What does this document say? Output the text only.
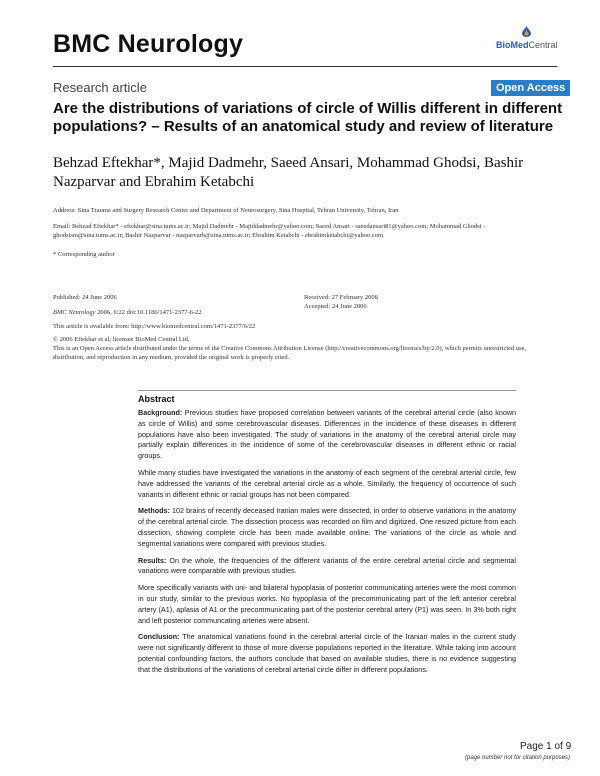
BMC Neurology	BioMedCentral
Research article	Open Access
Are the distributions of variations of circle of Willis different in different populations? – Results of an anatomical study and review of literature
Behzad Eftekhar*, Majid Dadmehr, Saeed Ansari, Mohammad Ghodsi, Bashir Nazparvar and Ebrahim Ketabchi
Address: Sina Trauma and Surgery Research Center and Department of Neurosurgery, Sina Hospital, Tehran University, Tehran, Iran
Email: Behzad Eftekhar* - eftekhar@sina.tums.ac.ir; Majid Dadmehr - Majiddadmehr@yahoo.com; Saeed Ansari - saeedansari81@yahoo.com; Mohammad Ghodsi - ghodsism@sina.tums.ac.ir; Bashir Nazparvar - nazparvarb@sina.tums.ac.ir; Ebrahim Ketabchi - ebrahimketabchi@yahoo.com
* Corresponding author
Published: 24 June 2006
BMC Neurology 2006, 6:22 doi:10.1186/1471-2377-6-22
This article is available from: http://www.biomedcentral.com/1471-2377/6/22
Received: 27 February 2006
Accepted: 24 June 2006
© 2006 Eftekhar et al; licensee BioMed Central Ltd.
This is an Open Access article distributed under the terms of the Creative Commons Attribution License (http://creativecommons.org/licenses/by/2.0), which permits unrestricted use, distribution, and reproduction in any medium, provided the original work is properly cited.
Abstract

Background: Previous studies have proposed correlation between variants of the cerebral arterial circle (also known as circle of Willis) and some cerebrovascular diseases. Differences in the incidence of these diseases in different populations have also been investigated. The study of variations in the anatomy of the cerebral arterial circle may partially explain differences in the incidence of some of the cerebrovascular diseases in different ethnic or racial groups.

While many studies have investigated the variations in the anatomy of each segment of the cerebral arterial circle, few have addressed the variants of the cerebral arterial circle as a whole. Similarly, the frequency of occurrence of such variants in different ethnic or racial groups has not been compared.

Methods: 102 brains of recently deceased Iranian males were dissected, in order to observe variations in the anatomy of the cerebral arterial circle. The dissection process was recorded on film and digitized. One resized picture from each dissection, showing complete circle has been made available online. The variations of the circle as whole and segmental variations were compared with previous studies.

Results: On the whole, the frequencies of the different variants of the entire cerebral arterial circle and segmental variations were comparable with previous studies.

More specifically variants with uni- and bilateral hypoplasia of posterior communicating arteries were the most common in our study, similar to the previous works. No hypoplasia of the precommunicating part of the left anterior cerebral artery (A1), aplasia of A1 or the precommunicating part of the posterior cerebral artery (P1) was seen. In 3% both right and left posterior communcating arteries were absent.

Conclusion: The anatomical variations found in the cerebral arterial circle of the Iranian males in the current study were not significantly different to those of more diverse populations reported in the literature. While taking into account potential confounding factors, the authors conclude that based on available studies, there is no evidence suggesting that the distributions of the variations of cerebral arterial circle differ in different populations.

Page 1 of 9
(page number not for citation purposes)
